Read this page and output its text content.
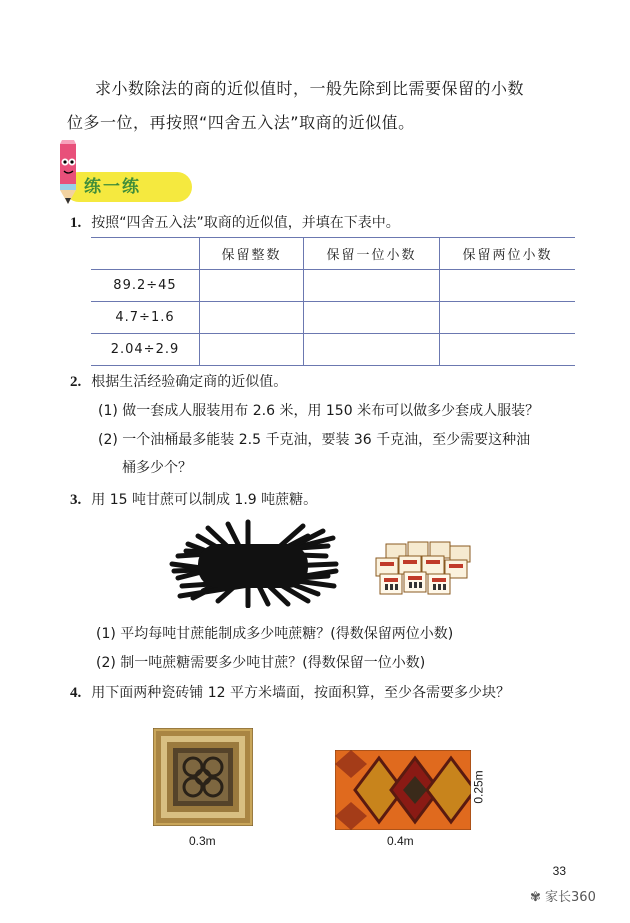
求小数除法的商的近似值时，一般先除到比需要保留的小数
位多一位，再按照“四舍五入法”取商的近似值。
练一练
1. 按照“四舍五入法”取商的近似值，并填在下表中。
	保留整数	保留一位小数	保留两位小数
89.2÷45			
4.7÷1.6			
2.04÷2.9			
2. 根据生活经验确定商的近似值。
(1) 做一套成人服装用布 2.6 米，用 150 米布可以做多少套成人服装？
(2) 一个油桶最多能装 2.5 千克油，要装 36 千克油，至少需要这种油
桶多少个？
3. 用 15 吨甘蔗可以制成 1.9 吨蔗糖。
(1) 平均每吨甘蔗能制成多少吨蔗糖？(得数保留两位小数)
(2) 制一吨蔗糖需要多少吨甘蔗？(得数保留一位小数)
4. 用下面两种瓷砖铺 12 平方米墙面，按面积算，至少各需要多少块？
0.3m	0.4m
0.25m
33
✾ 家长360
